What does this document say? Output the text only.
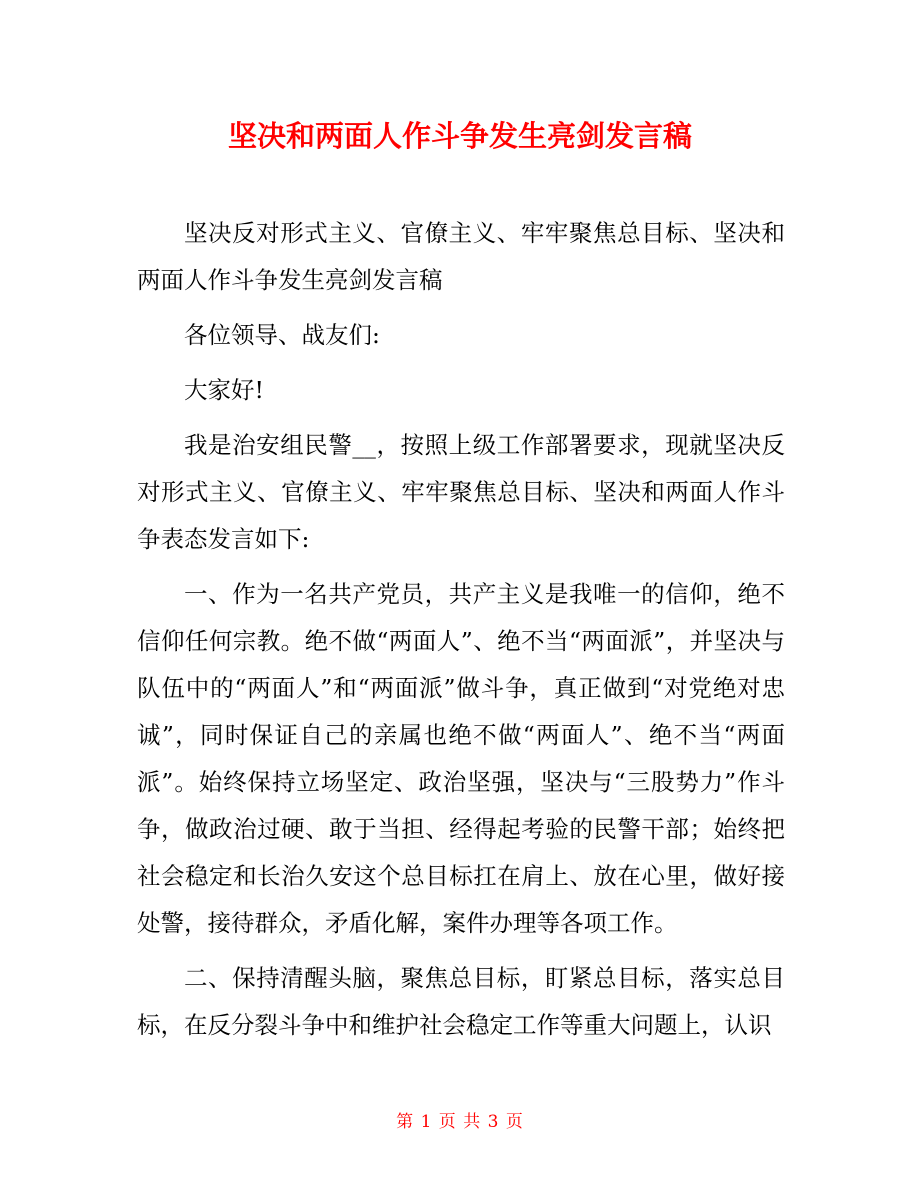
坚决和两面人作斗争发生亮剑发言稿

坚决反对形式主义、官僚主义、牢牢聚焦总目标、坚决和两面人作斗争发生亮剑发言稿

各位领导、战友们:

大家好!

我是治安组民警__，按照上级工作部署要求，现就坚决反对形式主义、官僚主义、牢牢聚焦总目标、坚决和两面人作斗争表态发言如下:

一、作为一名共产党员，共产主义是我唯一的信仰，绝不信仰任何宗教。绝不做“两面人”、绝不当“两面派”，并坚决与队伍中的“两面人”和“两面派”做斗争，真正做到“对党绝对忠诚”，同时保证自己的亲属也绝不做“两面人”、绝不当“两面派”。始终保持立场坚定、政治坚强，坚决与“三股势力”作斗争，做政治过硬、敢于当担、经得起考验的民警干部；始终把社会稳定和长治久安这个总目标扛在肩上、放在心里，做好接处警，接待群众，矛盾化解，案件办理等各项工作。

二、保持清醒头脑，聚焦总目标，盯紧总目标，落实总目标，在反分裂斗争中和维护社会稳定工作等重大问题上，认识

第 1 页 共 3 页
